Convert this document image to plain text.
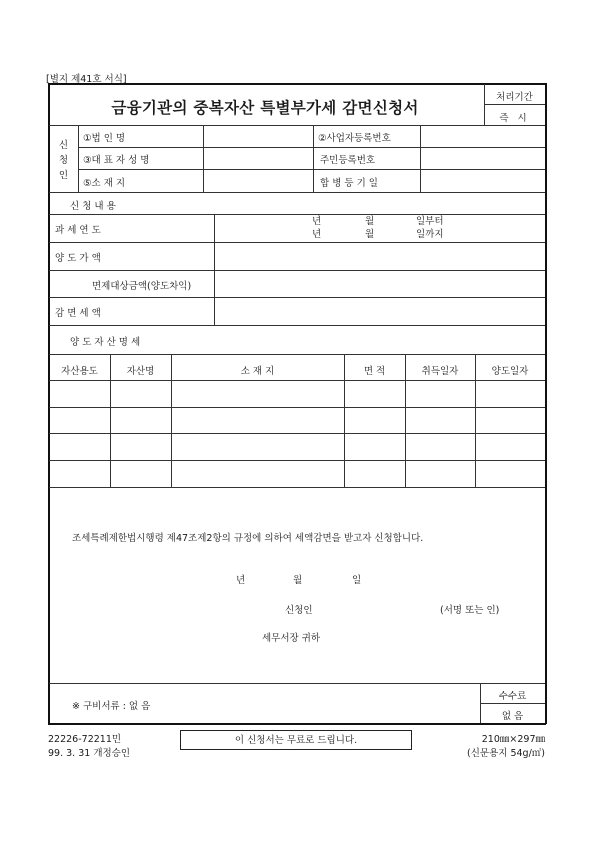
[별지 제41호 서식]
금융기관의 중복자산 특별부가세 감면신청서
처리기간
즉 시
신
청
인
①법 인 명	②사업자등록번호
③대 표 자 성 명	주민등록번호
⑤소 재 지	합 병 등 기 일
신 청 내 용
과 세 연 도
년	월	일부터
년	월	일까지
양 도 가 액
면제대상금액(양도차익)
감 면 세 액
양 도 자 산 명 세
자산용도	자산명	소 재 지	면 적	취득일자	양도일자
조세특례제한법시행령 제47조제2항의 규정에 의하여 세액감면을 받고자 신청합니다.
년	월	일
신청인	(서명 또는 인)
세무서장 귀하
※ 구비서류 : 없 음
수수료
없 음
22226-72211민
99. 3. 31 개정승인
이 신청서는 무료로 드립니다.	210㎜×297㎜
(신문용지 54g/㎡)
